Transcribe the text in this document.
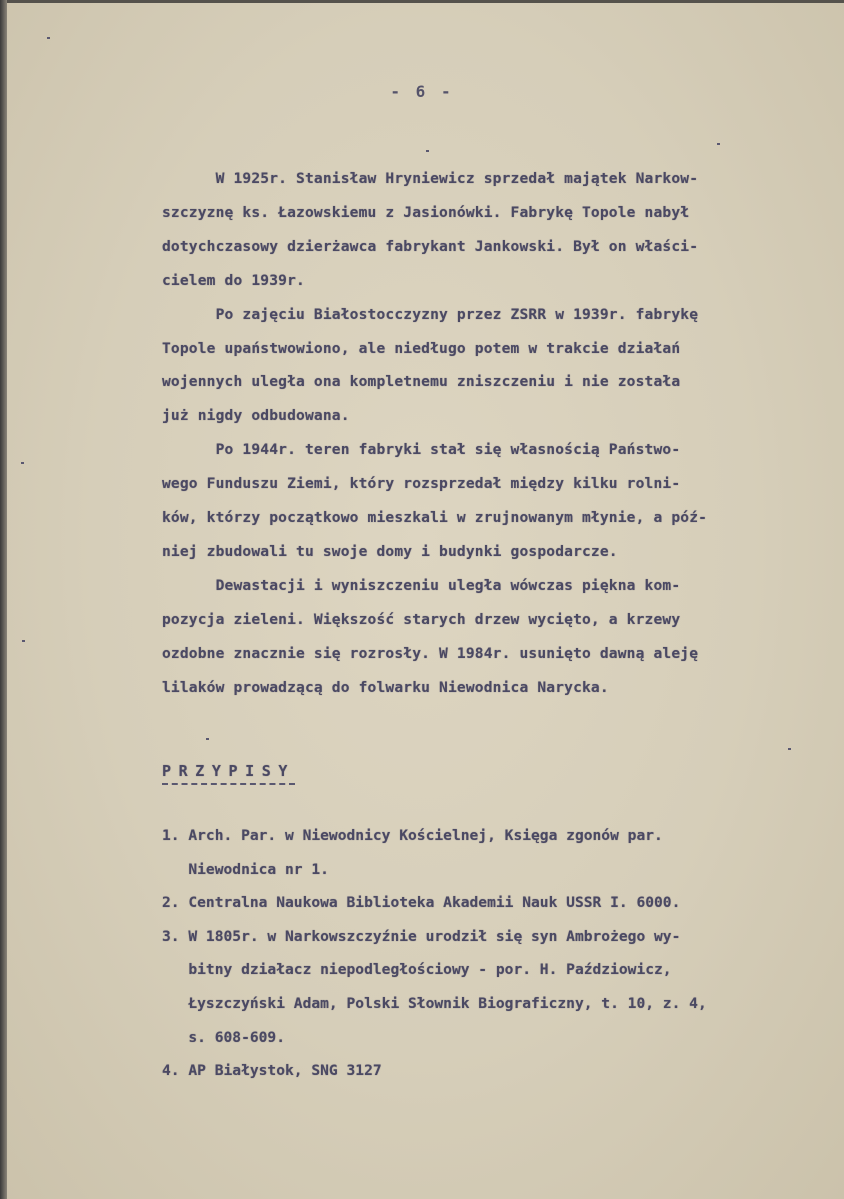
- 6 -

W 1925r. Stanisław Hryniewicz sprzedał majątek Narkow-

szczyznę ks. Łazowskiemu z Jasionówki. Fabrykę Topole nabył

dotychczasowy dzierżawca fabrykant Jankowski. Był on właści-

cielem do 1939r.

Po zajęciu Białostocczyzny przez ZSRR w 1939r. fabrykę

Topole upaństwowiono, ale niedługo potem w trakcie działań

wojennych uległa ona kompletnemu zniszczeniu i nie została

już nigdy odbudowana.

Po 1944r. teren fabryki stał się własnością Państwo-

wego Funduszu Ziemi, który rozsprzedał między kilku rolni-

ków, którzy początkowo mieszkali w zrujnowanym młynie, a póź-

niej zbudowali tu swoje domy i budynki gospodarcze.

Dewastacji i wyniszczeniu uległa wówczas piękna kom-

pozycja zieleni. Większość starych drzew wycięto, a krzewy

ozdobne znacznie się rozrosły. W 1984r. usunięto dawną aleję

lilaków prowadzącą do folwarku Niewodnica Narycka.

PRZYPISY
1. Arch. Par. w Niewodnicy Kościelnej, Księga zgonów par.
Niewodnica nr 1.
2. Centralna Naukowa Biblioteka Akademii Nauk USSR I. 6000.
3. W 1805r. w Narkowszczyźnie urodził się syn Ambrożego wy-
bitny działacz niepodległościowy - por. H. Paździowicz,
Łyszczyński Adam, Polski Słownik Biograficzny, t. 10, z. 4,
s. 608-609.
4. AP Białystok, SNG 3127
